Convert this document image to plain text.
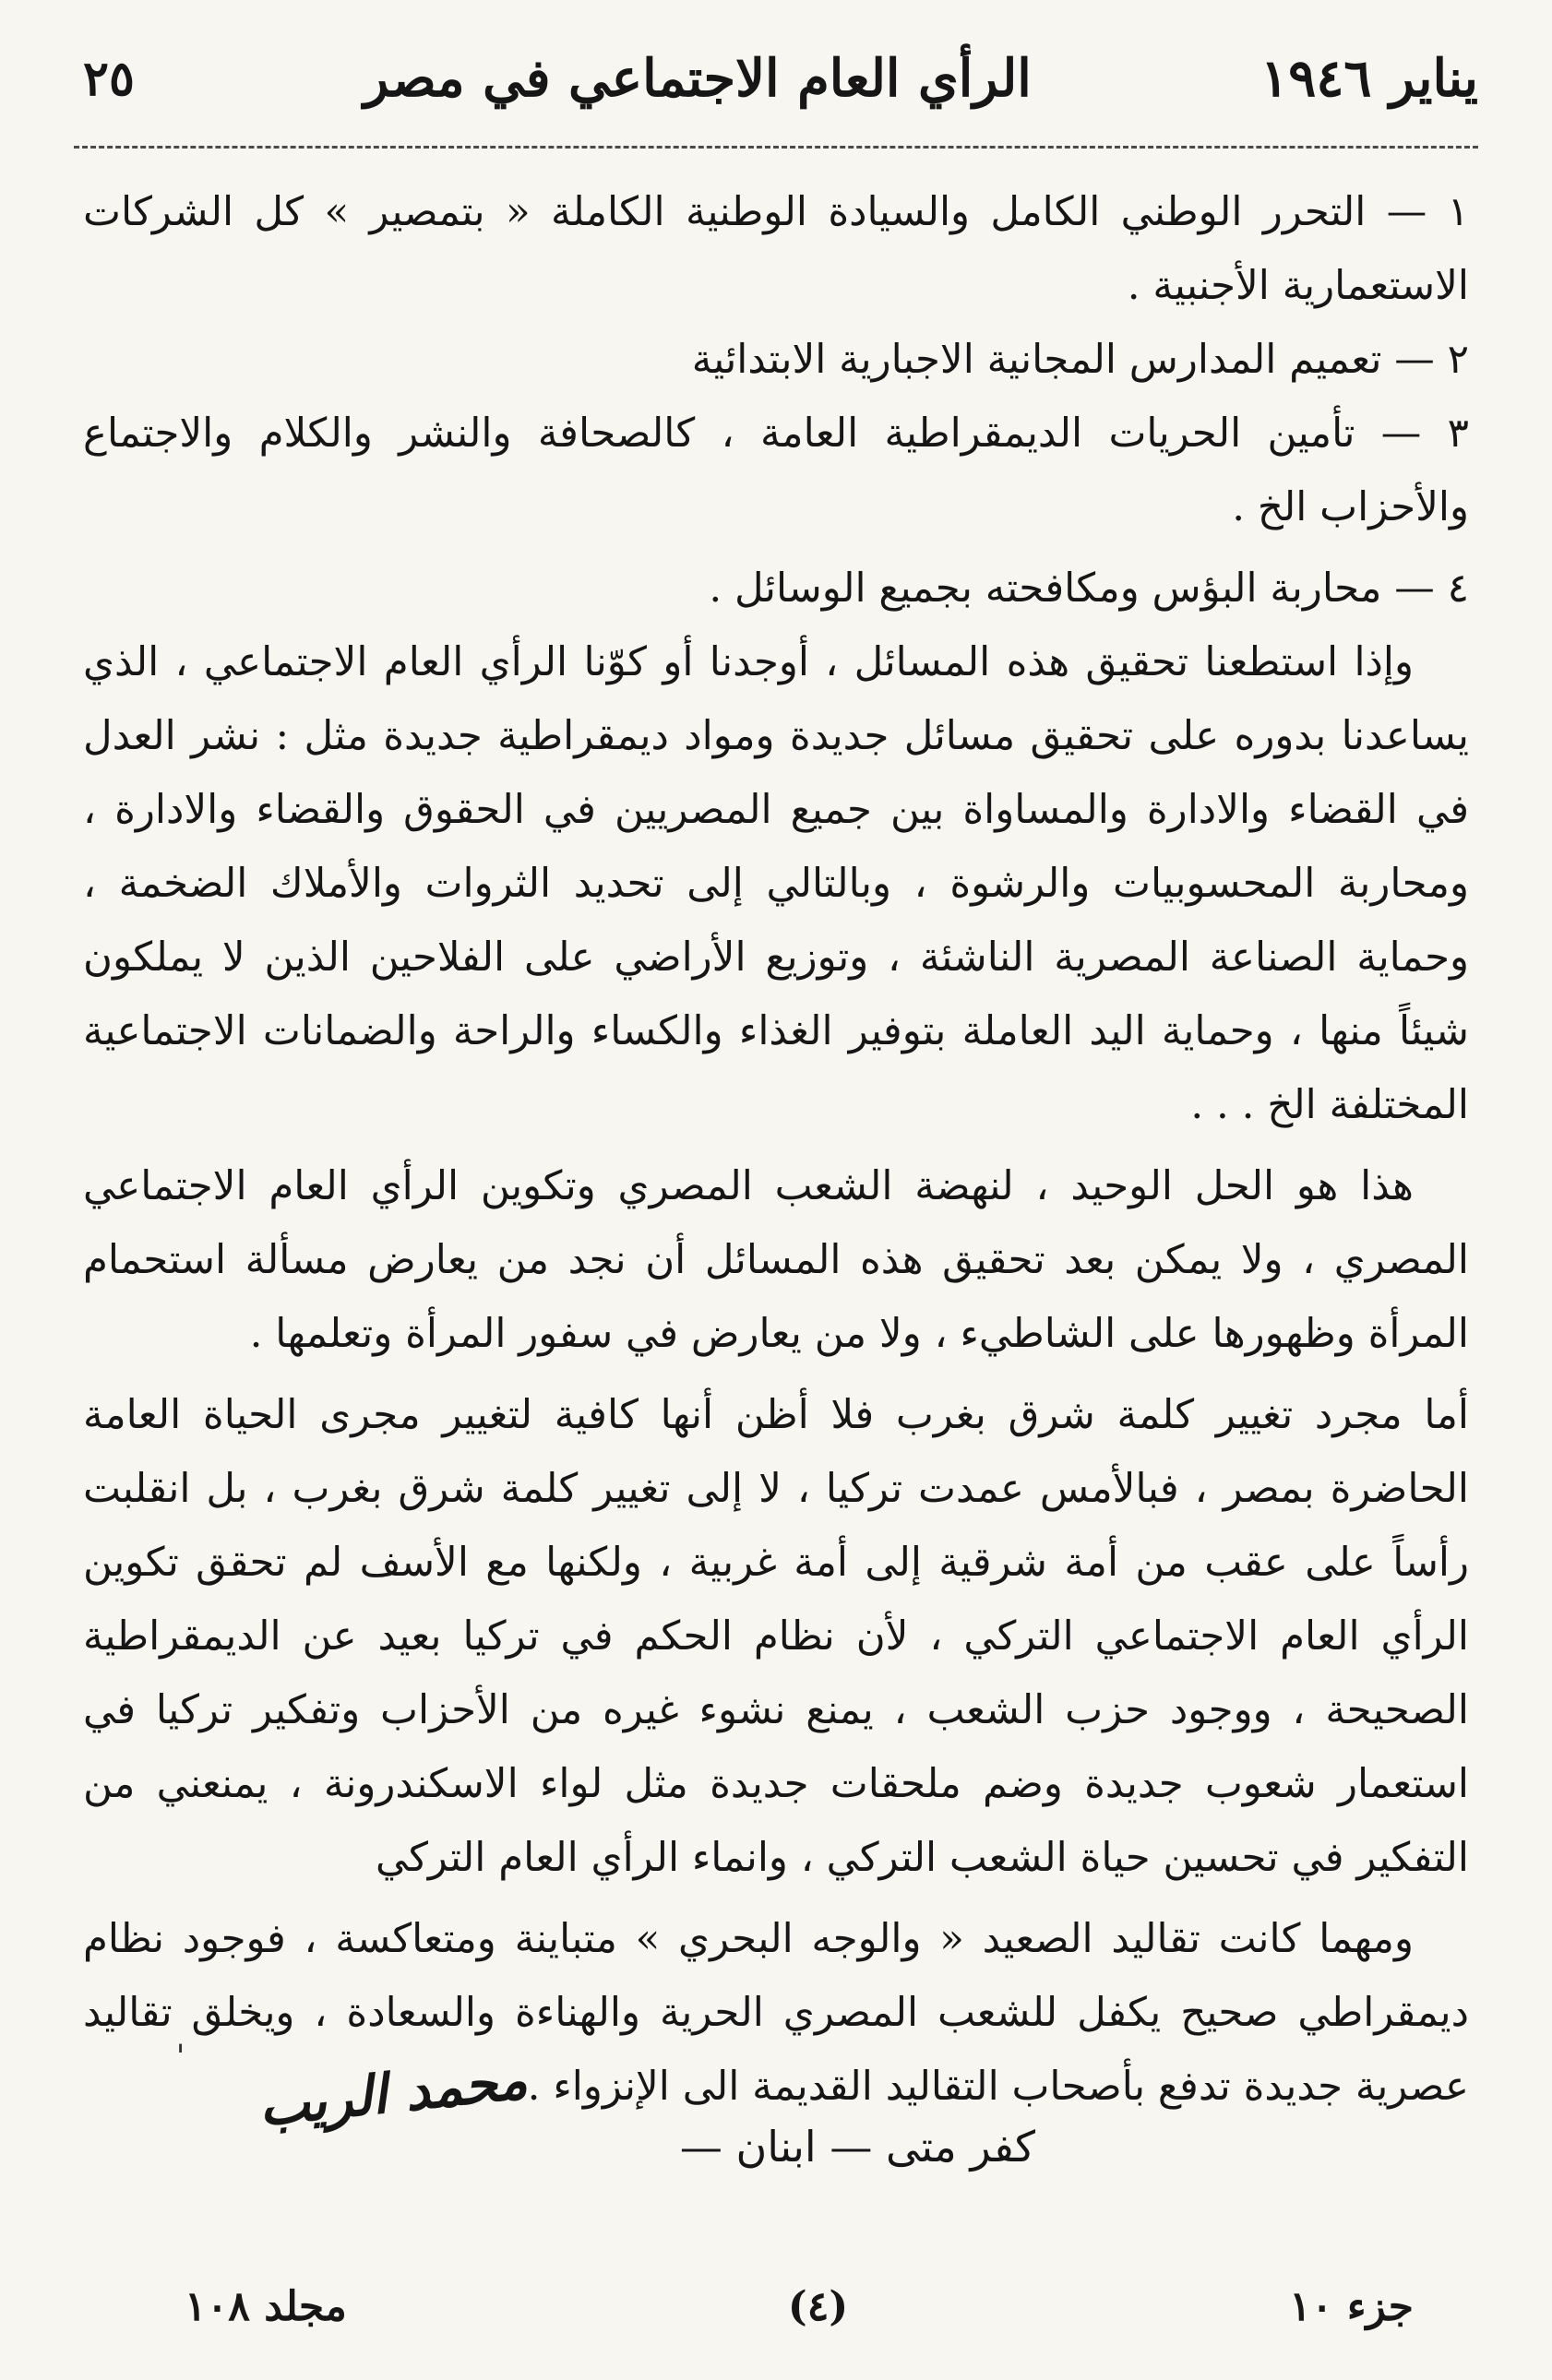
يناير ١٩٤٦
الرأي العام الاجتماعي في مصر
٢٥

١ — التحرر الوطني الكامل والسيادة الوطنية الكاملة « بتمصير » كل الشركات الاستعمارية الأجنبية .

٢ — تعميم المدارس المجانية الاجبارية الابتدائية

٣ — تأمين الحريات الديمقراطية العامة ، كالصحافة والنشر والكلام والاجتماع والأحزاب الخ .

٤ — محاربة البؤس ومكافحته بجميع الوسائل .

وإذا استطعنا تحقيق هذه المسائل ، أوجدنا أو كوّنا الرأي العام الاجتماعي ، الذي يساعدنا بدوره على تحقيق مسائل جديدة ومواد ديمقراطية جديدة مثل : نشر العدل في القضاء والادارة والمساواة بين جميع المصريين في الحقوق والقضاء والادارة ، ومحاربة المحسوبيات والرشوة ، وبالتالي إلى تحديد الثروات والأملاك الضخمة ، وحماية الصناعة المصرية الناشئة ، وتوزيع الأراضي على الفلاحين الذين لا يملكون شيئاً منها ، وحماية اليد العاملة بتوفير الغذاء والكساء والراحة والضمانات الاجتماعية المختلفة الخ . . .

هذا هو الحل الوحيد ، لنهضة الشعب المصري وتكوين الرأي العام الاجتماعي المصري ، ولا يمكن بعد تحقيق هذه المسائل أن نجد من يعارض مسألة استحمام المرأة وظهورها على الشاطيء ، ولا من يعارض في سفور المرأة وتعلمها .

أما مجرد تغيير كلمة شرق بغرب فلا أظن أنها كافية لتغيير مجرى الحياة العامة الحاضرة بمصر ، فبالأمس عمدت تركيا ، لا إلى تغيير كلمة شرق بغرب ، بل انقلبت رأساً على عقب من أمة شرقية إلى أمة غربية ، ولكنها مع الأسف لم تحقق تكوين الرأي العام الاجتماعي التركي ، لأن نظام الحكم في تركيا بعيد عن الديمقراطية الصحيحة ، ووجود حزب الشعب ، يمنع نشوء غيره من الأحزاب وتفكير تركيا في استعمار شعوب جديدة وضم ملحقات جديدة مثل لواء الاسكندرونة ، يمنعني من التفكير في تحسين حياة الشعب التركي ، وانماء الرأي العام التركي

ومهما كانت تقاليد الصعيد « والوجه البحري » متباينة ومتعاكسة ، فوجود نظام ديمقراطي صحيح يكفل للشعب المصري الحرية والهناءة والسعادة ، ويخلق تقاليد عصرية جديدة تدفع بأصحاب التقاليد القديمة الى الإنزواء .

ˈ محمد الريب
كفر متى — ابنان —
جزء ١٠
(٤)
مجلد ١٠٨
